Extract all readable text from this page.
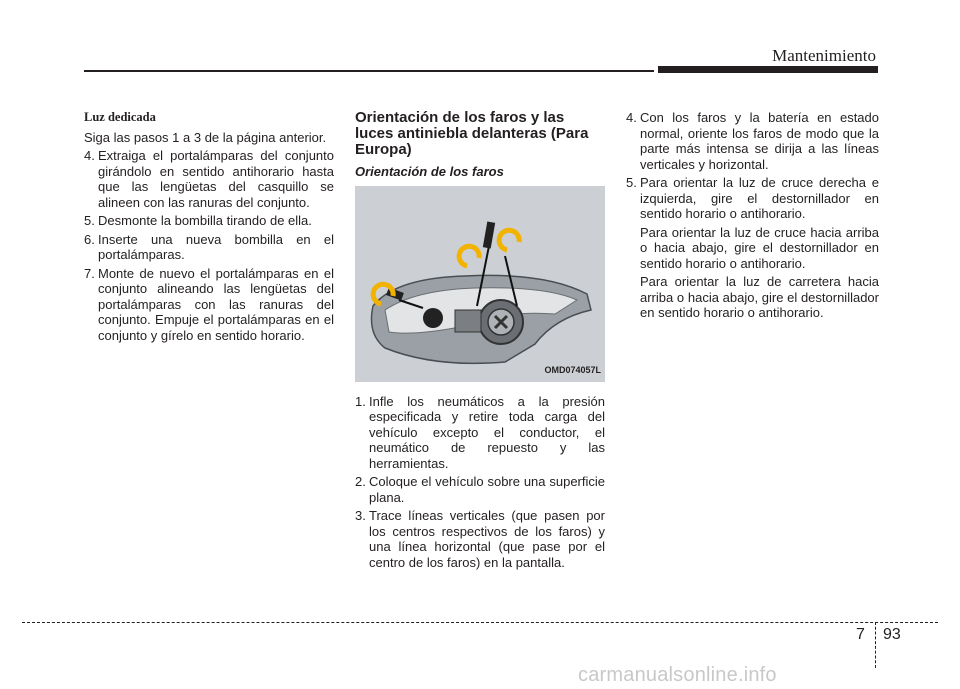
Mantenimiento

Luz dedicada

Siga las pasos 1 a 3 de la página anterior.

4. Extraiga el portalámparas del conjunto girándolo en sentido antihorario hasta que las lengüetas del casquillo se alineen con las ranuras del conjunto.
5. Desmonte la bombilla tirando de ella.
6. Inserte una nueva bombilla en el portalámparas.
7. Monte de nuevo el portalámparas en el conjunto alineando las lengüetas del portalámparas con las ranuras del conjunto. Empuje el portalámparas en el conjunto y gírelo en sentido horario.
Orientación de los faros y las luces antiniebla delanteras (Para Europa)
Orientación de los faros
OMD074057L
1. Infle los neumáticos a la presión especificada y retire toda carga del vehículo excepto el conductor, el neumático de repuesto y las herramientas.
2. Coloque el vehículo sobre una superficie plana.
3. Trace líneas verticales (que pasen por los centros respectivos de los faros) y una línea horizontal (que pase por el centro de los faros) en la pantalla.
4. Con los faros y la batería en estado normal, oriente los faros de modo que la parte más intensa se dirija a las líneas verticales y horizontal.
5. Para orientar la luz de cruce derecha e izquierda, gire el destornillador en sentido horario o antihorario.

Para orientar la luz de cruce hacia arriba o hacia abajo, gire el destornillador en sentido horario o antihorario.

Para orientar la luz de carretera hacia arriba o hacia abajo, gire el destornillador en sentido horario o antihorario.

7 93
carmanualsonline.info
